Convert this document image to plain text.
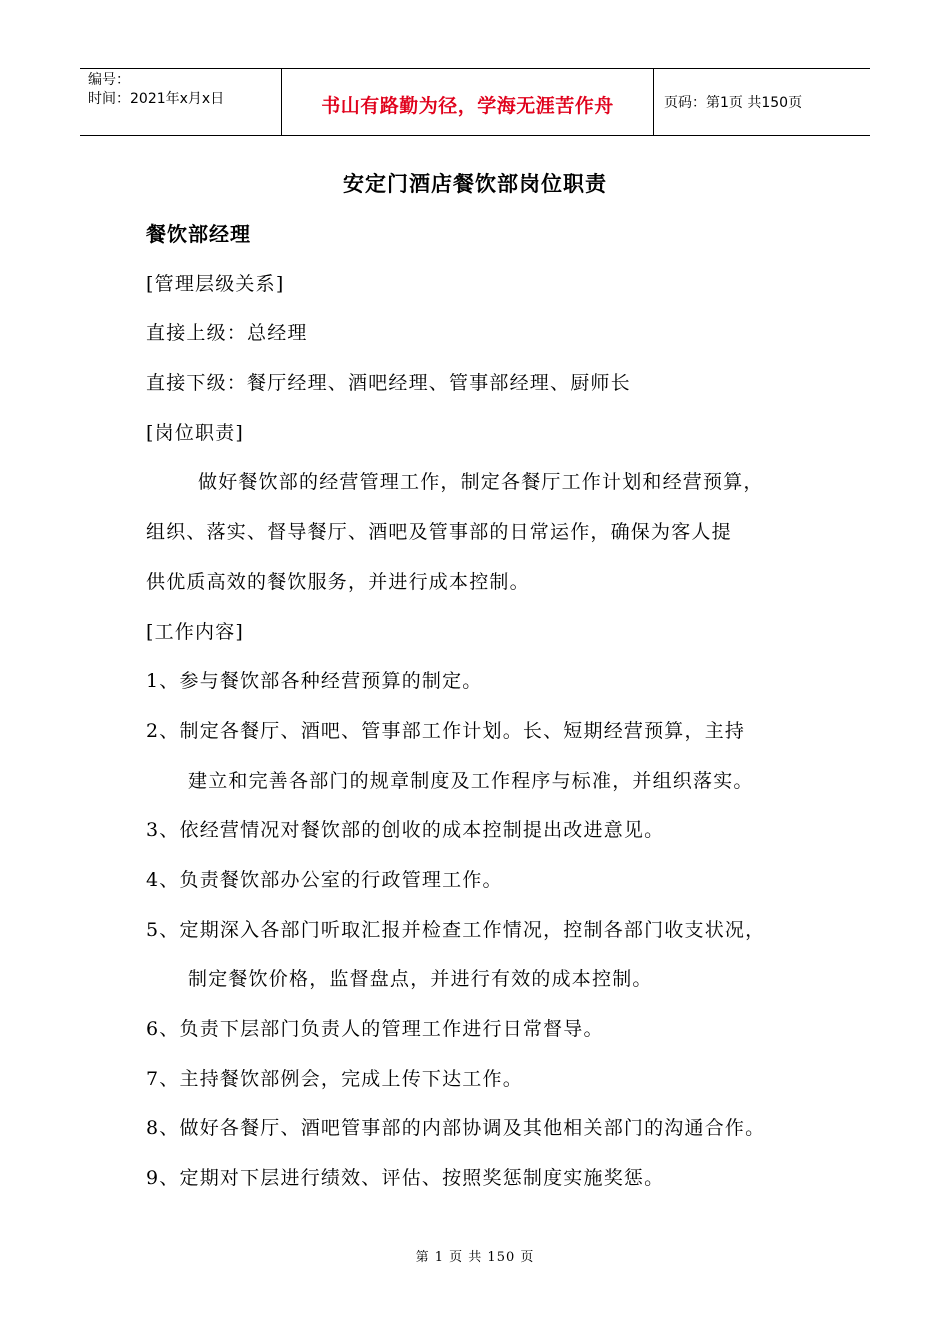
编号：
时间：2021年x月x日	书山有路勤为径，学海无涯苦作舟	页码：第1页 共150页
安定门酒店餐饮部岗位职责
餐饮部经理
[管理层级关系]
直接上级：总经理
直接下级：餐厅经理、酒吧经理、管事部经理、厨师长
[岗位职责]
做好餐饮部的经营管理工作，制定各餐厅工作计划和经营预算，
组织、落实、督导餐厅、酒吧及管事部的日常运作，确保为客人提
供优质高效的餐饮服务，并进行成本控制。
[工作内容]
1、参与餐饮部各种经营预算的制定。
2、制定各餐厅、酒吧、管事部工作计划。长、短期经营预算，主持
建立和完善各部门的规章制度及工作程序与标准，并组织落实。
3、依经营情况对餐饮部的创收的成本控制提出改进意见。
4、负责餐饮部办公室的行政管理工作。
5、定期深入各部门听取汇报并检查工作情况，控制各部门收支状况，
制定餐饮价格，监督盘点，并进行有效的成本控制。
6、负责下层部门负责人的管理工作进行日常督导。
7、主持餐饮部例会，完成上传下达工作。
8、做好各餐厅、酒吧管事部的内部协调及其他相关部门的沟通合作。
9、定期对下层进行绩效、评估、按照奖惩制度实施奖惩。
第 1 页 共 150 页
